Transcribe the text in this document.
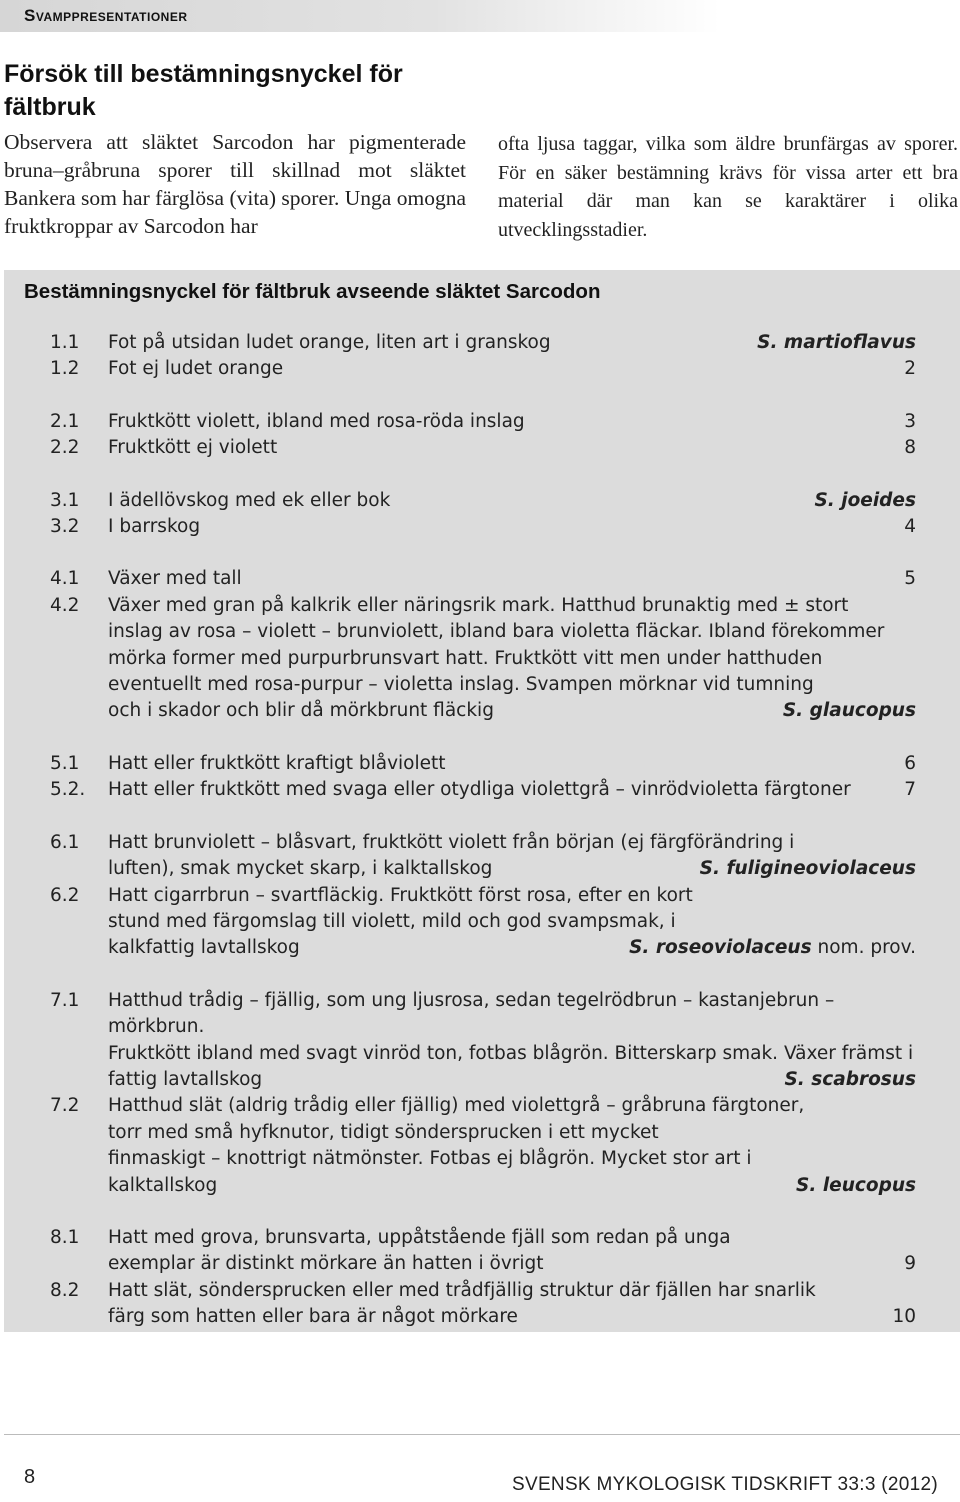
Svamppresentationer
Försök till bestämningsnyckel för fältbruk

Observera att släktet Sarcodon har pigmenterade bruna–gråbruna sporer till skillnad mot släktet Bankera som har färglösa (vita) sporer. Unga omogna fruktkroppar av Sarcodon har

ofta ljusa taggar, vilka som äldre brunfärgas av sporer. För en säker bestämning krävs för vissa arter ett bra material där man kan se karaktärer i olika utvecklingsstadier.

Bestämningsnyckel för fältbruk avseende släktet Sarcodon
1.1	Fot på utsidan ludet orange, liten art i granskog	S. martioflavus
1.2	Fot ej ludet orange	2
2.1	Fruktkött violett, ibland med rosa-röda inslag	3
2.2	Fruktkött ej violett	8
3.1	I ädellövskog med ek eller bok	S. joeides
3.2	I barrskog	4
4.1	Växer med tall	5
4.2	Växer med gran på kalkrik eller näringsrik mark. Hatthud brunaktig med ± stort
inslag av rosa – violett – brunviolett, ibland bara violetta fläckar. Ibland förekommer
mörka former med purpurbrunsvart hatt. Fruktkött vitt men under hatthuden
eventuellt med rosa-purpur – violetta inslag. Svampen mörknar vid tumning
och i skador och blir då mörkbrunt fläckig	S. glaucopus
5.1	Hatt eller fruktkött kraftigt blåviolett	6
5.2. Hatt eller fruktkött med svaga eller otydliga violettgrå – vinrödvioletta färgtoner	7
6.1	Hatt brunviolett – blåsvart, fruktkött violett från början (ej färgförändring i
luften), smak mycket skarp, i kalktallskog	S. fuligineoviolaceus
6.2	Hatt cigarrbrun – svartfläckig. Fruktkött först rosa, efter en kort
stund med färgomslag till violett, mild och god svampsmak, i
kalkfattig lavtallskog	S. roseoviolaceus nom. prov.
7.1	Hatthud trådig – fjällig, som ung ljusrosa, sedan tegelrödbrun – kastanjebrun – mörkbrun.
Fruktkött ibland med svagt vinröd ton, fotbas blågrön. Bitterskarp smak. Växer främst i
fattig lavtallskog	S. scabrosus
7.2	Hatthud slät (aldrig trådig eller fjällig) med violettgrå – gråbruna färgtoner,
torr med små hyfknutor, tidigt söndersprucken i ett mycket
finmaskigt – knottrigt nätmönster. Fotbas ej blågrön. Mycket stor art i
kalktallskog	S. leucopus
8.1	Hatt med grova, brunsvarta, uppåtstående fjäll som redan på unga
exemplar är distinkt mörkare än hatten i övrigt	9
8.2	Hatt slät, söndersprucken eller med trådfjällig struktur där fjällen har snarlik
färg som hatten eller bara är något mörkare	10
8	SVENSK MYKOLOGISK TIDSKRIFT 33:3 (2012)
